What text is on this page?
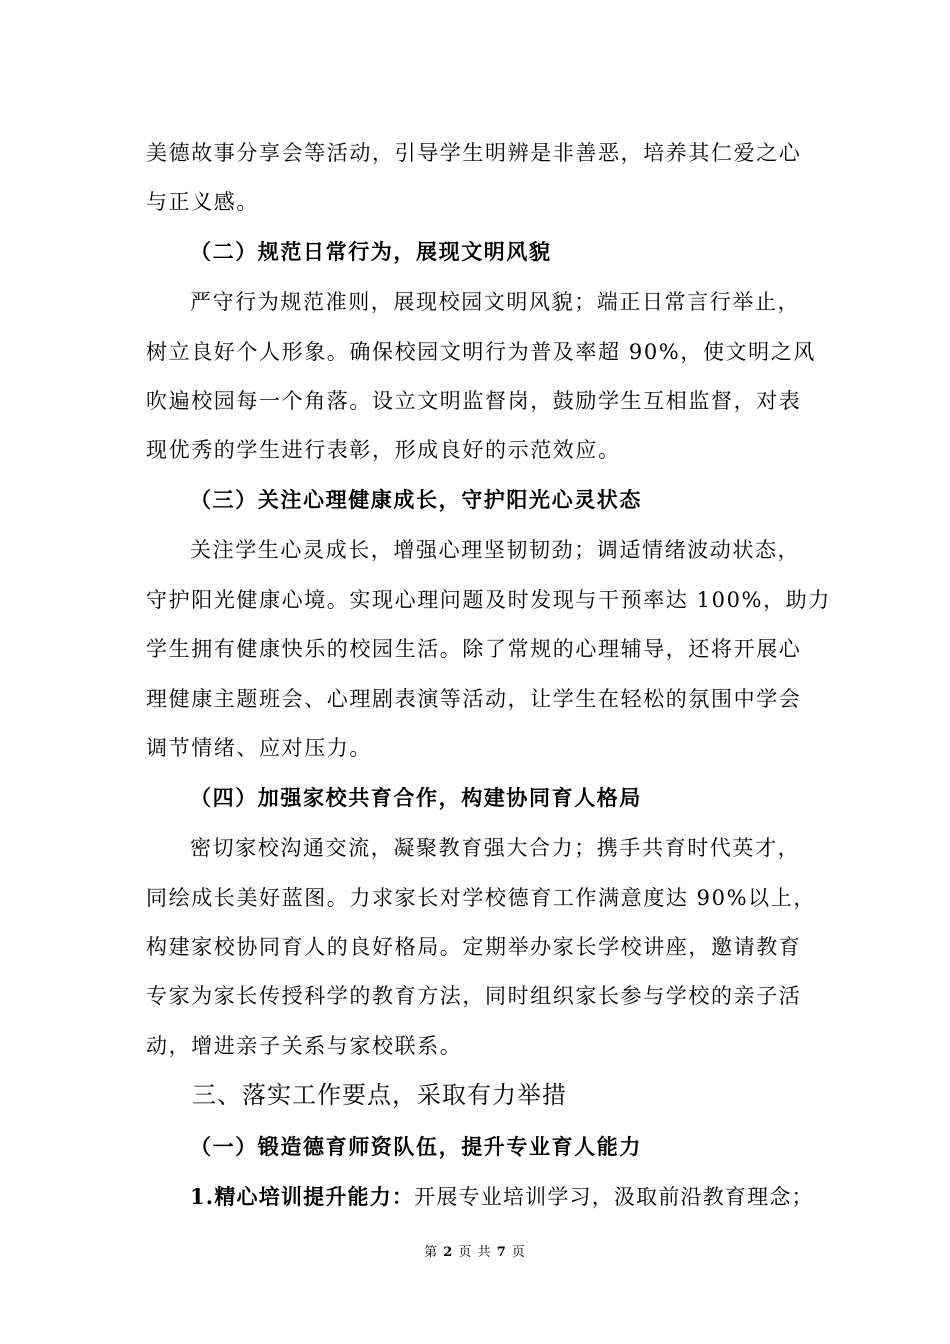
美德故事分享会等活动，引导学生明辨是非善恶，培养其仁爱之心
与正义感。
（二）规范日常行为，展现文明风貌
严守行为规范准则，展现校园文明风貌；端正日常言行举止，
树立良好个人形象。确保校园文明行为普及率超 90%，使文明之风
吹遍校园每一个角落。设立文明监督岗，鼓励学生互相监督，对表
现优秀的学生进行表彰，形成良好的示范效应。
（三）关注心理健康成长，守护阳光心灵状态
关注学生心灵成长，增强心理坚韧韧劲；调适情绪波动状态，
守护阳光健康心境。实现心理问题及时发现与干预率达 100%，助力
学生拥有健康快乐的校园生活。除了常规的心理辅导，还将开展心
理健康主题班会、心理剧表演等活动，让学生在轻松的氛围中学会
调节情绪、应对压力。
（四）加强家校共育合作，构建协同育人格局
密切家校沟通交流，凝聚教育强大合力；携手共育时代英才，
同绘成长美好蓝图。力求家长对学校德育工作满意度达 90%以上，
构建家校协同育人的良好格局。定期举办家长学校讲座，邀请教育
专家为家长传授科学的教育方法，同时组织家长参与学校的亲子活
动，增进亲子关系与家校联系。
三、落实工作要点，采取有力举措
（一）锻造德育师资队伍，提升专业育人能力
1.精心培训提升能力：开展专业培训学习，汲取前沿教育理念；
第 2 页 共 7 页
